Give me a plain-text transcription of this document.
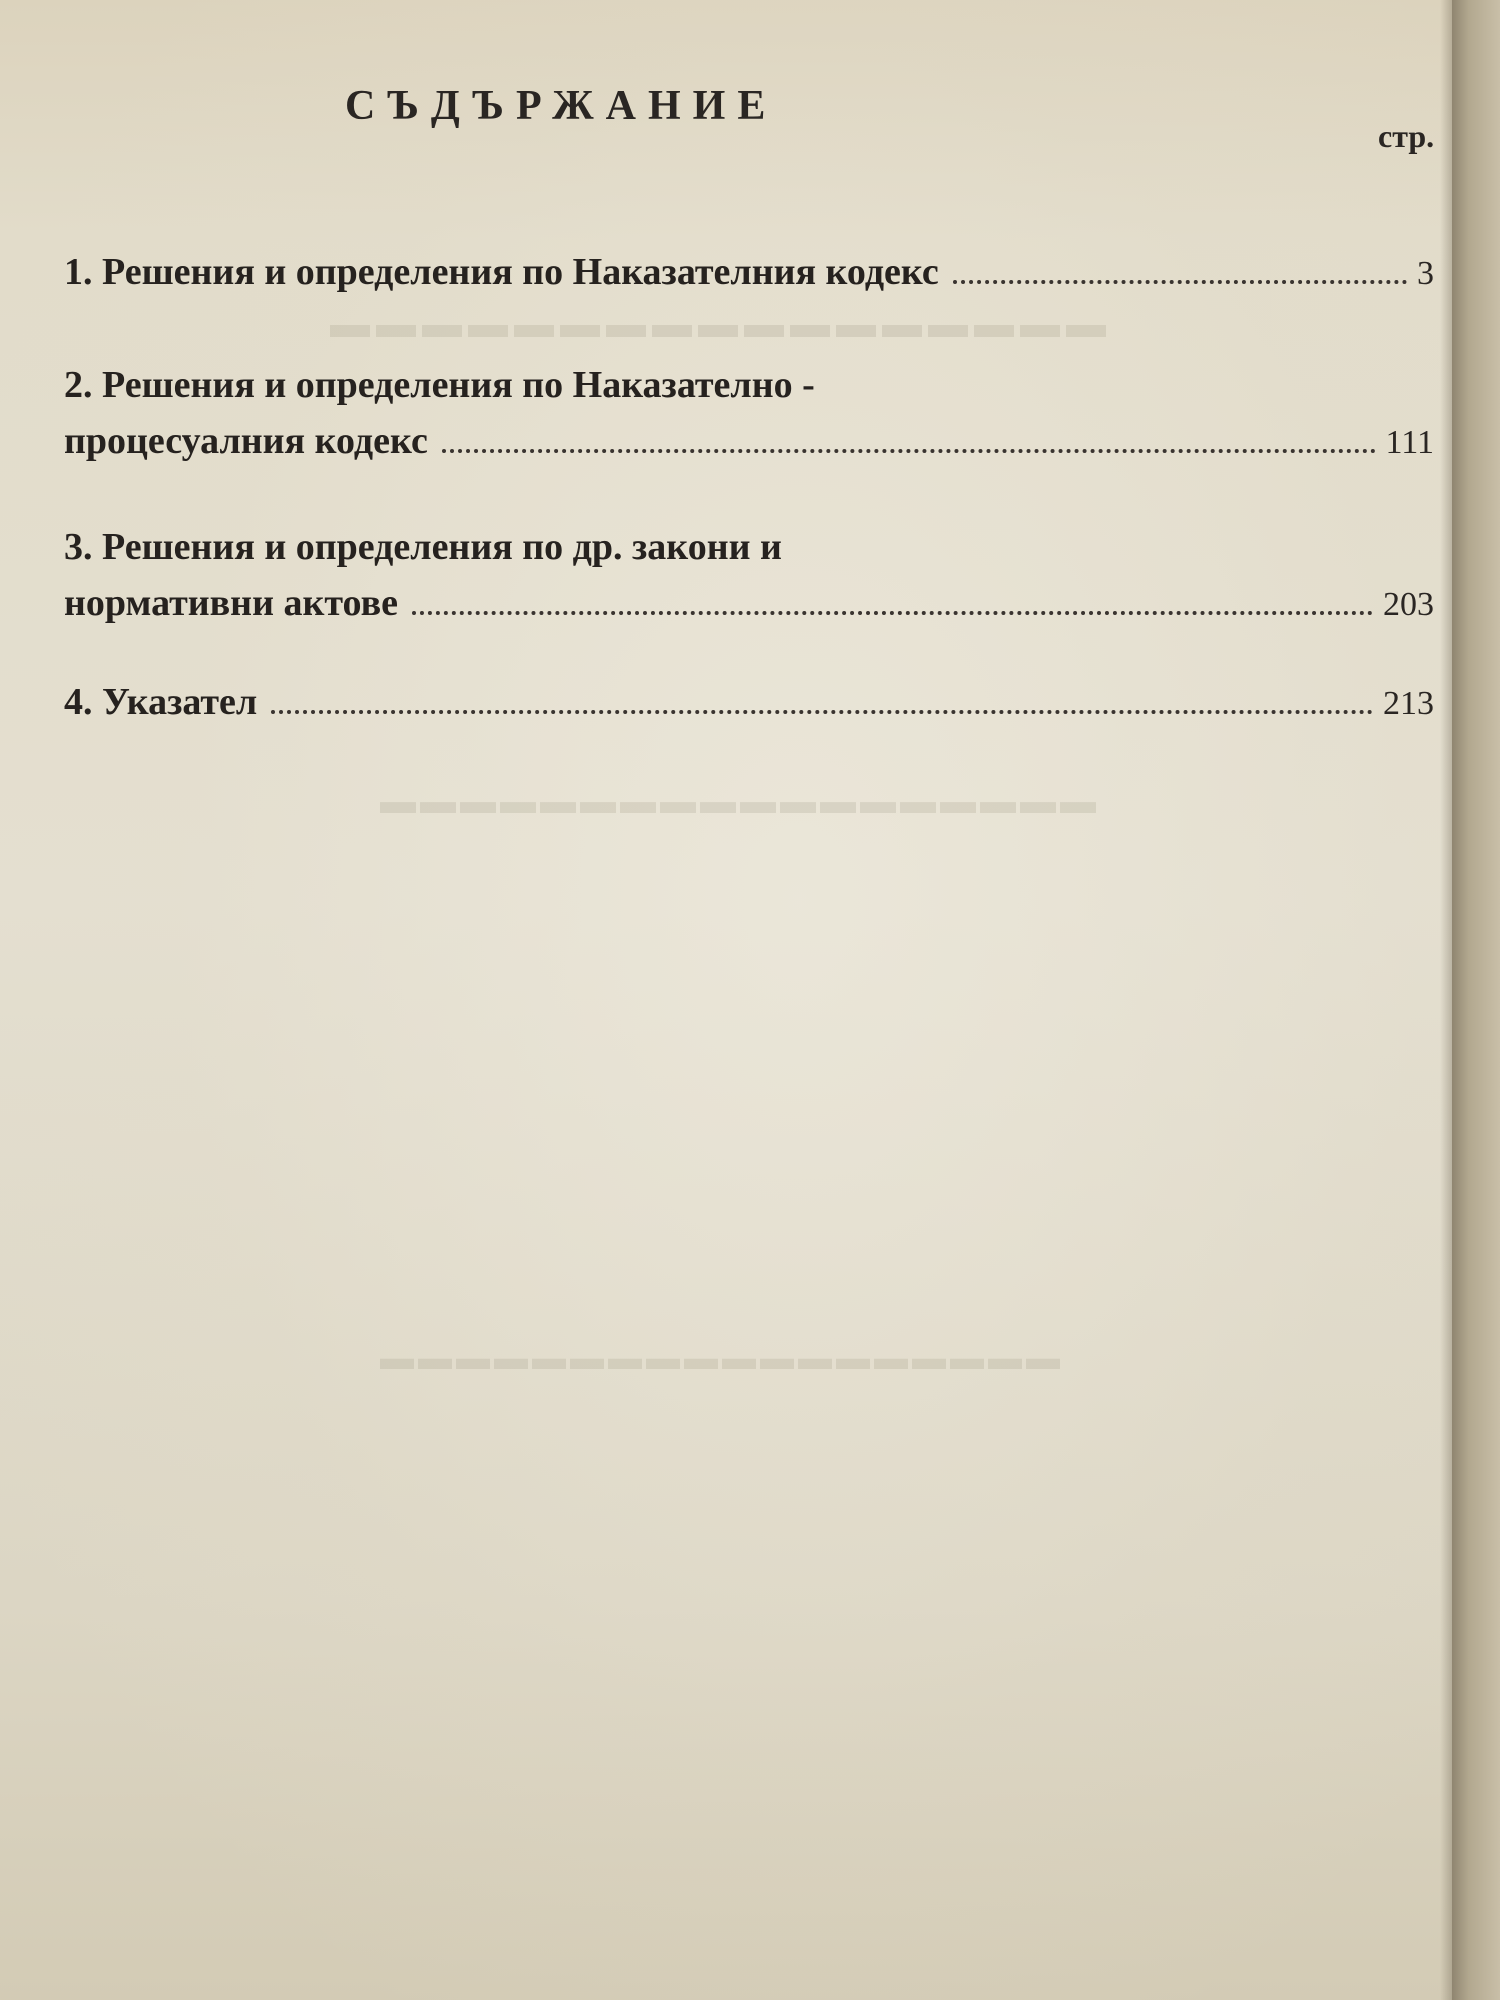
▬▬▬▬▬▬▬▬▬▬▬▬▬▬▬▬▬
▬▬▬▬▬▬▬▬▬▬▬▬▬▬▬▬▬▬
▬▬▬▬▬▬▬▬▬▬▬▬▬▬▬▬▬▬
СЪДЪРЖАНИЕ
стр.
1. Решения и определения по Наказателния кодекс	3
2. Решения и определения по Наказателно -
процесуалния кодекс	111
3. Решения и определения по др. закони и
нормативни актове	203
4. Указател	213
